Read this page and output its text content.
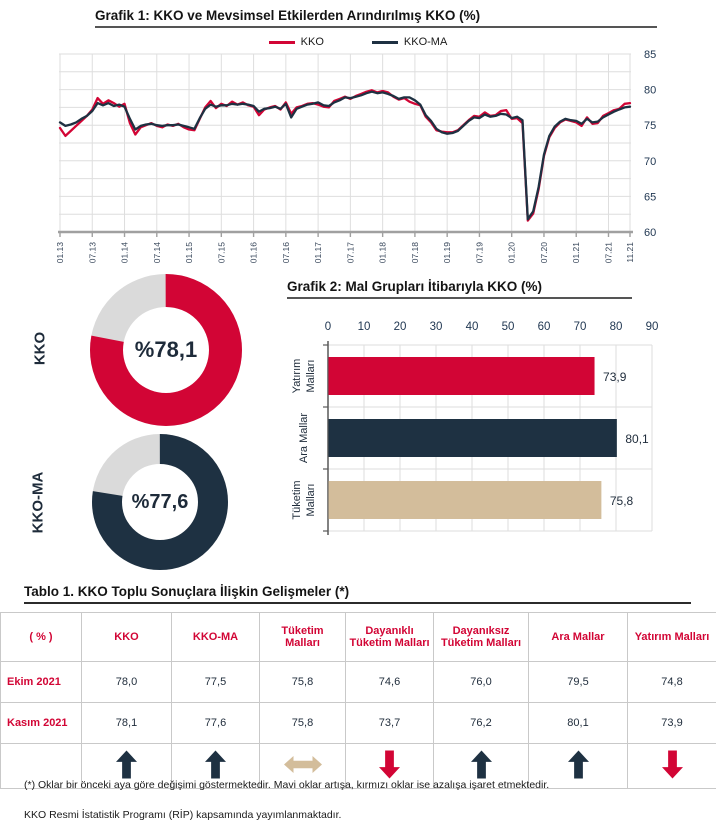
Grafik 1: KKO ve Mevsimsel Etkilerden Arındırılmış KKO (%)
KKO	KKO-MA
60
65
70
75
80
85
01.13	07.13	01.14	07.14	01.15	07.15	01.16	07.16	01.17	07.17	01.18	07.18	01.19	07.19	01.20	07.20	01.21	07.21 11.21
KKO	%78,1
KKO-MA	%77,6
Grafik 2: Mal Grupları İtibarıyla KKO (%)
0 10 20 30 40 50 60 70 80 90
73,9
Yatırım Malları
80,1
Ara Mallar
75,8
Tüketim Malları
Tablo 1. KKO Toplu Sonuçlara İlişkin Gelişmeler (*)
( % )	KKO	KKO-MA	Tüketim Malları	Dayanıklı Tüketim Malları	Dayanıksız Tüketim Malları	Ara Mallar	Yatırım Malları
Ekim 2021	78,0	77,5	75,8	74,6	76,0	79,5	74,8
Kasım 2021	78,1	77,6	75,8	73,7	76,2	80,1	73,9

(*) Oklar bir önceki aya göre değişimi göstermektedir. Mavi oklar artışa, kırmızı oklar ise azalışa işaret etmektedir.
KKO Resmi İstatistik Programı (RİP) kapsamında yayımlanmaktadır.
